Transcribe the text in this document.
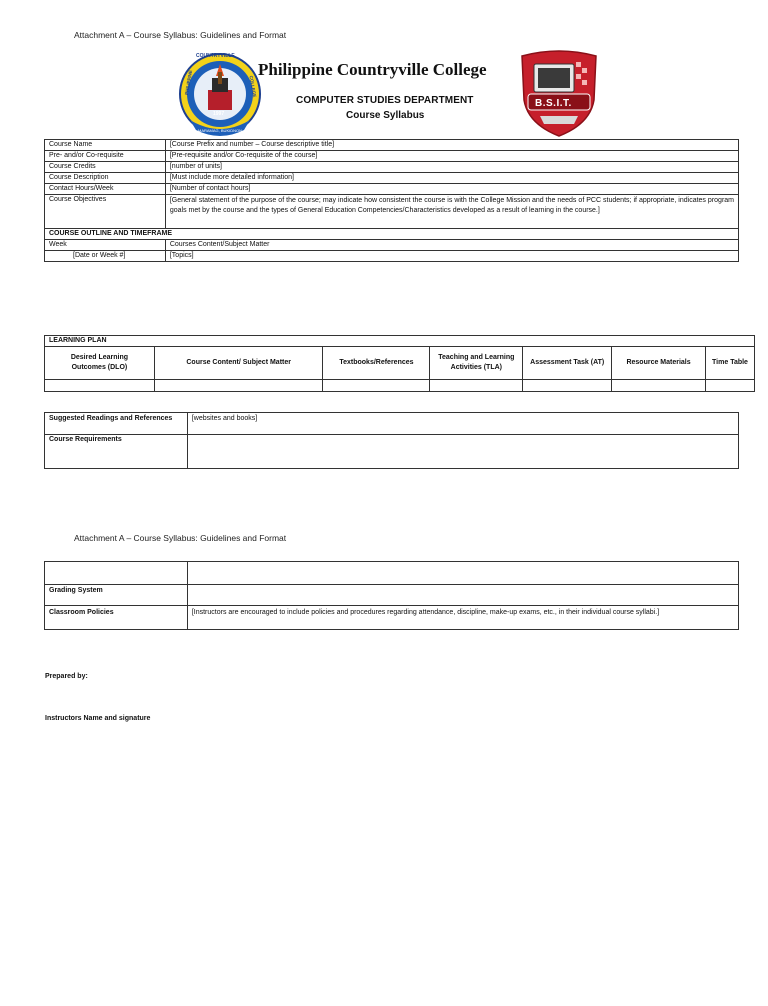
Attachment A – Course Syllabus: Guidelines and Format
COUNTRYVILLE
PHILIPPINE	COLLEGE
1997
MARAMAG, BUKIDNON
Philippine Countryville College
COMPUTER STUDIES DEPARTMENT
Course Syllabus
B.S.I.T.
Course Name	[Course Prefix and number – Course descriptive title]
Pre- and/or Co-requisite	[Pre-requisite and/or Co-requisite of the course]
Course Credits	[number of units]
Course Description	[Must include more detailed information]
Contact Hours/Week	[Number of contact hours]
Course Objectives	[General statement of the purpose of the course; may indicate how consistent the course is with the College Mission and the needs of PCC students; if appropriate, indicates program goals met by the course and the types of General Education Competencies/Characteristics developed as a result of learning in the course.]
COURSE OUTLINE AND TIMEFRAME	
Week	Courses Content/Subject Matter
[Date or Week #]	[Topics]
LEARNING PLAN						
Desired Learning Outcomes (DLO)	Course Content/ Subject Matter	Textbooks/References	Teaching and Learning Activities (TLA)	Assessment Task (AT)	Resource Materials	Time Table

Suggested Readings and References	[websites and books]
Course Requirements	
Attachment A – Course Syllabus: Guidelines and Format

Grading System	
Classroom Policies	[Instructors are encouraged to include policies and procedures regarding attendance, discipline, make-up exams, etc., in their individual course syllabi.]
Prepared by:
Instructors Name and signature
